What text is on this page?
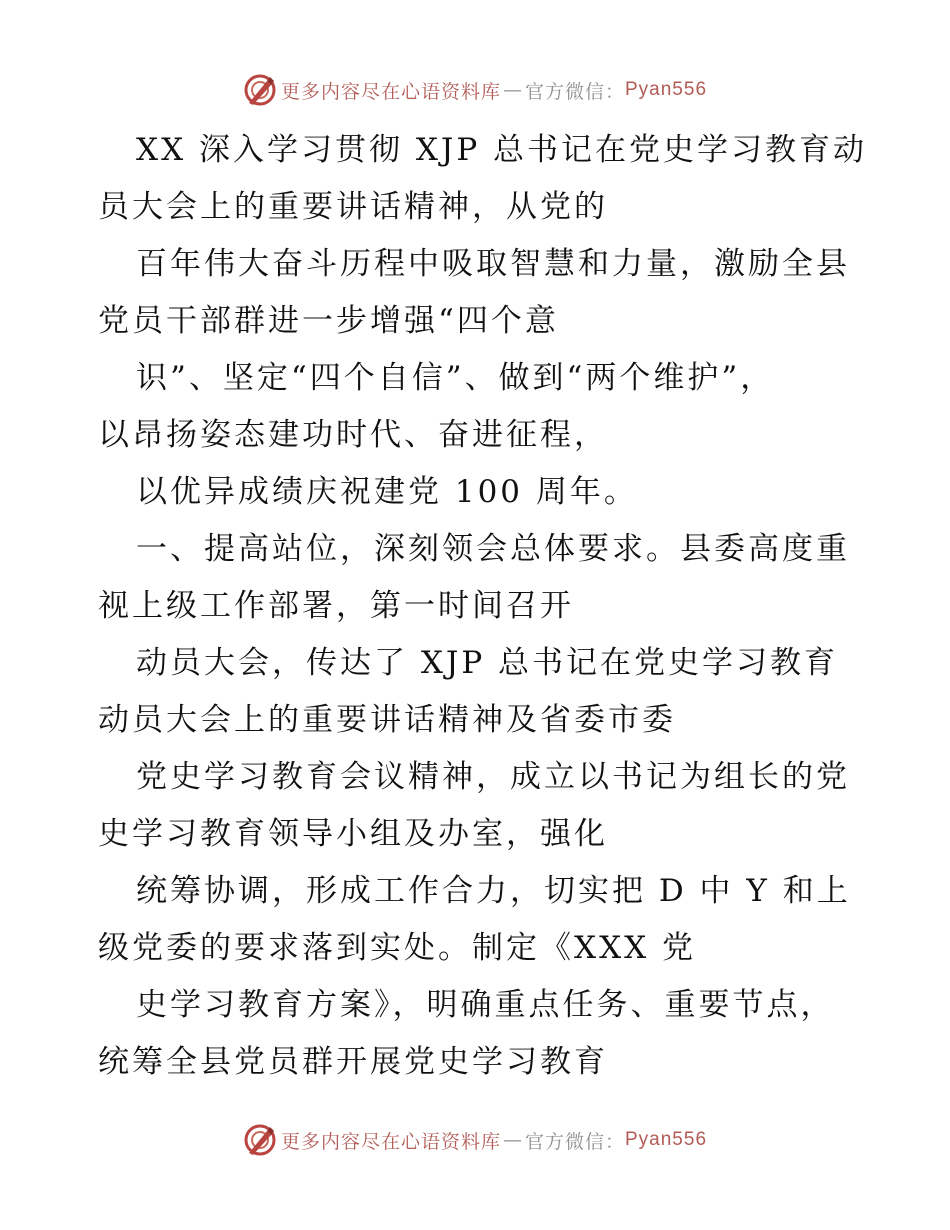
更多内容尽在心语资料库 — 官方微信： Pyan556
XX 深入学习贯彻 XJP 总书记在党史学习教育动
员大会上的重要讲话精神，从党的
百年伟大奋斗历程中吸取智慧和力量，激励全县
党员干部群进一步增强“四个意
识”、坚定“四个自信”、做到“两个维护”，
以昂扬姿态建功时代、奋进征程，
以优异成绩庆祝建党 100 周年。
一、提高站位，深刻领会总体要求。县委高度重
视上级工作部署，第一时间召开
动员大会，传达了 XJP 总书记在党史学习教育
动员大会上的重要讲话精神及省委市委
党史学习教育会议精神，成立以书记为组长的党
史学习教育领导小组及办室，强化
统筹协调，形成工作合力，切实把 D 中 Y 和上
级党委的要求落到实处。制定《XXX 党
史学习教育方案》，明确重点任务、重要节点，
统筹全县党员群开展党史学习教育
更多内容尽在心语资料库 — 官方微信： Pyan556
